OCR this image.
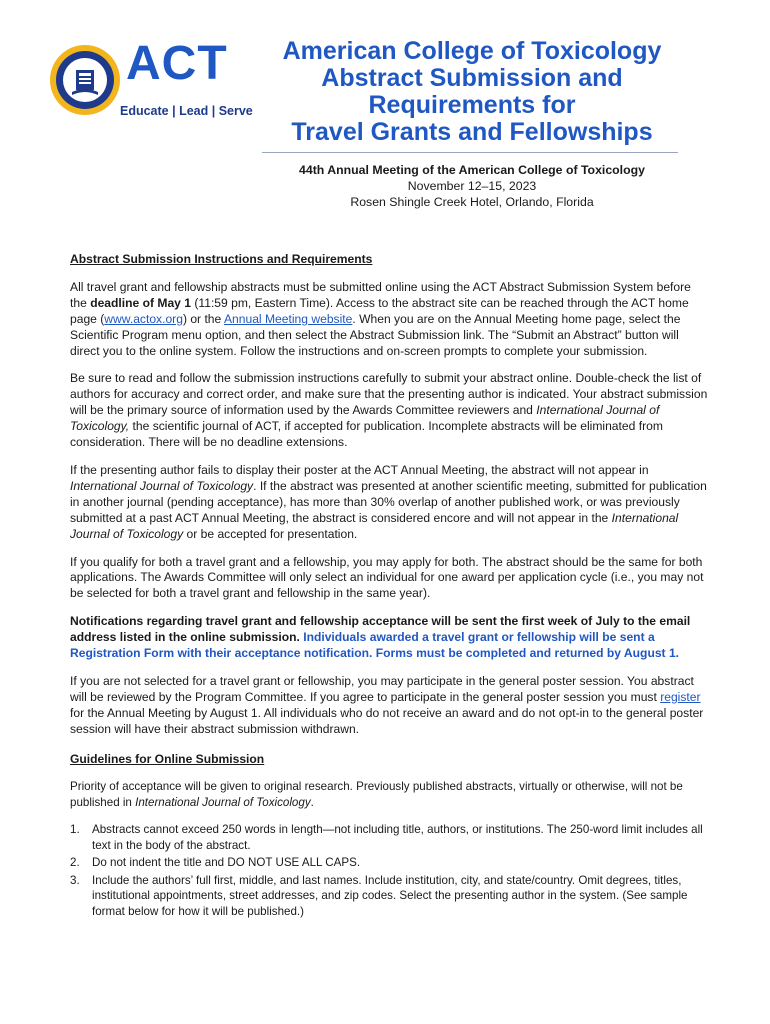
ACT
Educate | Lead | Serve
American College of Toxicology
Abstract Submission and
Requirements for
Travel Grants and Fellowships
44th Annual Meeting of the American College of Toxicology
November 12–15, 2023
Rosen Shingle Creek Hotel, Orlando, Florida
Abstract Submission Instructions and Requirements

All travel grant and fellowship abstracts must be submitted online using the ACT Abstract Submission System before the deadline of May 1 (11:59 pm, Eastern Time). Access to the abstract site can be reached through the ACT home page (www.actox.org) or the Annual Meeting website. When you are on the Annual Meeting home page, select the Scientific Program menu option, and then select the Abstract Submission link. The “Submit an Abstract” button will direct you to the online system. Follow the instructions and on-screen prompts to complete your submission.

Be sure to read and follow the submission instructions carefully to submit your abstract online. Double-check the list of authors for accuracy and correct order, and make sure that the presenting author is indicated. Your abstract submission will be the primary source of information used by the Awards Committee reviewers and International Journal of Toxicology, the scientific journal of ACT, if accepted for publication. Incomplete abstracts will be eliminated from consideration. There will be no deadline extensions.

If the presenting author fails to display their poster at the ACT Annual Meeting, the abstract will not appear in International Journal of Toxicology. If the abstract was presented at another scientific meeting, submitted for publication in another journal (pending acceptance), has more than 30% overlap of another published work, or was previously submitted at a past ACT Annual Meeting, the abstract is considered encore and will not appear in the International Journal of Toxicology or be accepted for presentation.

If you qualify for both a travel grant and a fellowship, you may apply for both. The abstract should be the same for both applications. The Awards Committee will only select an individual for one award per application cycle (i.e., you may not be selected for both a travel grant and fellowship in the same year).

Notifications regarding travel grant and fellowship acceptance will be sent the first week of July to the email address listed in the online submission. Individuals awarded a travel grant or fellowship will be sent a Registration Form with their acceptance notification. Forms must be completed and returned by August 1.

If you are not selected for a travel grant or fellowship, you may participate in the general poster session. You abstract will be reviewed by the Program Committee. If you agree to participate in the general poster session you must register for the Annual Meeting by August 1. All individuals who do not receive an award and do not opt-in to the general poster session will have their abstract submission withdrawn.

Guidelines for Online Submission

Priority of acceptance will be given to original research. Previously published abstracts, virtually or otherwise, will not be published in International Journal of Toxicology.

1. Abstracts cannot exceed 250 words in length—not including title, authors, or institutions. The 250-word limit includes all text in the body of the abstract.
2. Do not indent the title and DO NOT USE ALL CAPS.
3. Include the authors’ full first, middle, and last names. Include institution, city, and state/country. Omit degrees, titles, institutional appointments, street addresses, and zip codes. Select the presenting author in the system. (See sample format below for how it will be published.)
